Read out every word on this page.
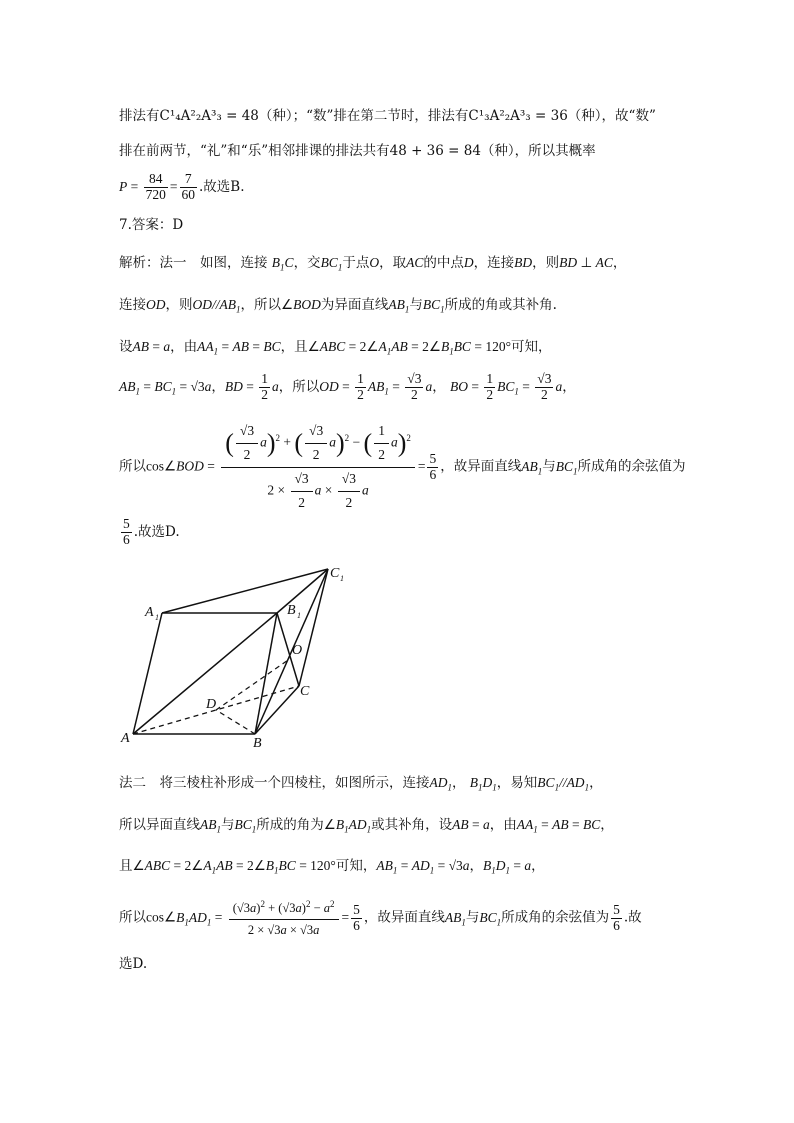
排法有C¹₄A²₂A³₃ = 48（种）；“数”排在第二节时，排法有C¹₃A²₂A³₃ = 36（种），故“数”
排在前两节，“礼”和“乐”相邻排课的排法共有48 + 36 = 84（种），所以其概率
$P = \frac{84}{720} = \frac{7}{60}$ .故选B.
7.答案：D
解析：法一　如图，连接 $B_1C$，交$BC_1$于点O，取AC的中点D，连接BD，则BD ⊥ AC，
连接OD，则$OD//AB_1$，所以∠BOD为异面直线$AB_1$与$BC_1$所成的角或其补角.
设AB = a，由$AA_1$ = AB = BC，且∠ABC = $2\angle A_1AB$ = $2\angle B_1BC = 120^\circ$可知，
$AB_1 = BC_1 = √3a$，BD = $\frac{1}{2}$ a，所以OD = $\frac{1}{2} AB_1 = \frac{√3}{2}$ a， BO = $\frac{1}{2} BC_1 = \frac{√3}{2}$ a，
所以cos∠BOD = $\frac{( \frac{√3}{2} a)^2 + ( \frac{√3}{2} a)^2 - ( \frac{1}{2} a)^2}{2 \times \frac{√3}{2} a \times \frac{√3}{2} a} = \frac{5}{6}$ ，故异面直线$AB_1$与$BC_1$所成角的余弦值为
$\frac{5}{6}$ .故选D.
A
A 1
B
B 1
C
C 1
D
O
法二　将三棱柱补形成一个四棱柱，如图所示，连接$AD_1$， $B_1D_1$，易知$BC_1//AD_1$，
所以异面直线$AB_1$与$BC_1$所成的角为$\angle B_1AD_1$或其补角，设AB = a，由$AA_1$ = AB = BC，
且∠ABC = $2\angle A_1AB$ = $2\angle B_1BC = 120^\circ$可知，$AB_1 = AD_1 = √3a$，$B_1D_1 = a$，
所以$\cos\angle B_1AD_1 = \frac{(√3a)^2 + (√3a)^2 - a^2}{2 \times √3a \times √3a} = \frac{5}{6}$ ，故异面直线$AB_1$与$BC_1$所成角的余弦值为 $\frac{5}{6}$ .故
选D.
